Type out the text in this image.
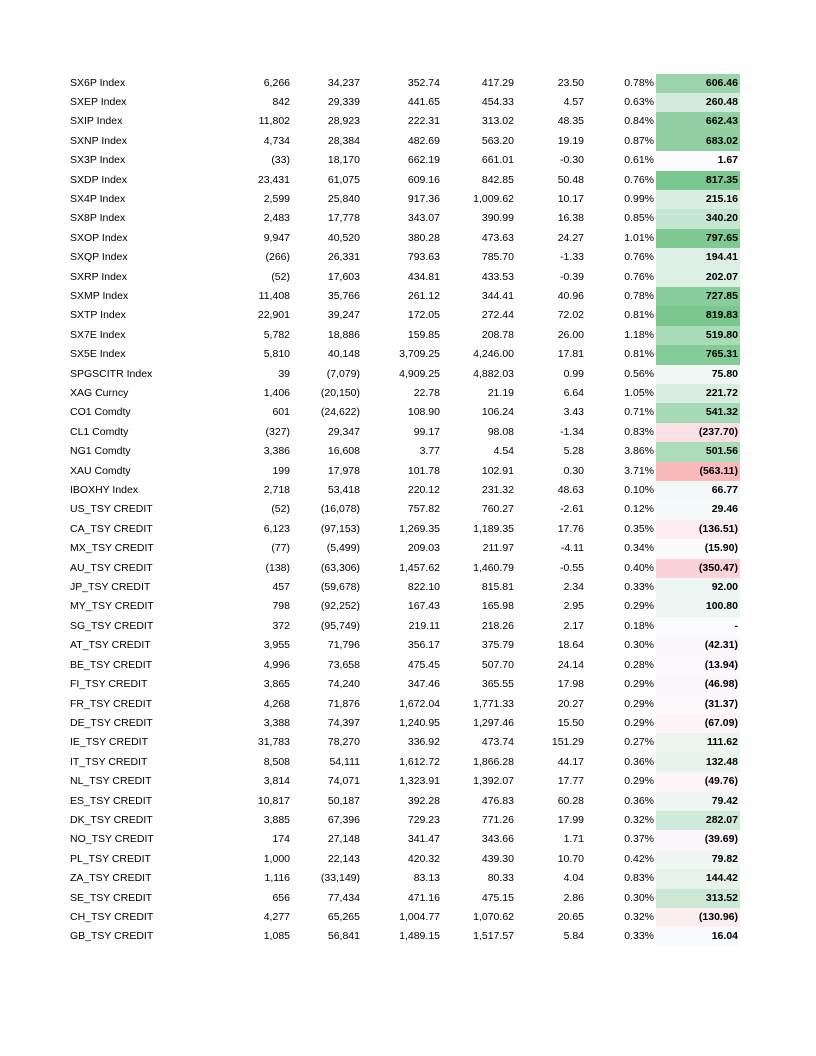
SX6P Index	6,266	34,237	352.74	417.29	23.50	0.78%	606.46
SXEP Index	842	29,339	441.65	454.33	4.57	0.63%	260.48
SXIP Index	11,802	28,923	222.31	313.02	48.35	0.84%	662.43
SXNP Index	4,734	28,384	482.69	563.20	19.19	0.87%	683.02
SX3P Index	(33)	18,170	662.19	661.01	-0.30	0.61%	1.67
SXDP Index	23,431	61,075	609.16	842.85	50.48	0.76%	817.35
SX4P Index	2,599	25,840	917.36	1,009.62	10.17	0.99%	215.16
SX8P Index	2,483	17,778	343.07	390.99	16.38	0.85%	340.20
SXOP Index	9,947	40,520	380.28	473.63	24.27	1.01%	797.65
SXQP Index	(266)	26,331	793.63	785.70	-1.33	0.76%	194.41
SXRP Index	(52)	17,603	434.81	433.53	-0.39	0.76%	202.07
SXMP Index	11,408	35,766	261.12	344.41	40.96	0.78%	727.85
SXTP Index	22,901	39,247	172.05	272.44	72.02	0.81%	819.83
SX7E Index	5,782	18,886	159.85	208.78	26.00	1.18%	519.80
SX5E Index	5,810	40,148	3,709.25	4,246.00	17.81	0.81%	765.31
SPGSCITR Index	39	(7,079)	4,909.25	4,882.03	0.99	0.56%	75.80
XAG Curncy	1,406	(20,150)	22.78	21.19	6.64	1.05%	221.72
CO1 Comdty	601	(24,622)	108.90	106.24	3.43	0.71%	541.32
CL1 Comdty	(327)	29,347	99.17	98.08	-1.34	0.83%	(237.70)
NG1 Comdty	3,386	16,608	3.77	4.54	5.28	3.86%	501.56
XAU Comdty	199	17,978	101.78	102.91	0.30	3.71%	(563.11)
IBOXHY Index	2,718	53,418	220.12	231.32	48.63	0.10%	66.77
US_TSY CREDIT	(52)	(16,078)	757.82	760.27	-2.61	0.12%	29.46
CA_TSY CREDIT	6,123	(97,153)	1,269.35	1,189.35	17.76	0.35%	(136.51)
MX_TSY CREDIT	(77)	(5,499)	209.03	211.97	-4.11	0.34%	(15.90)
AU_TSY CREDIT	(138)	(63,306)	1,457.62	1,460.79	-0.55	0.40%	(350.47)
JP_TSY CREDIT	457	(59,678)	822.10	815.81	2.34	0.33%	92.00
MY_TSY CREDIT	798	(92,252)	167.43	165.98	2.95	0.29%	100.80
SG_TSY CREDIT	372	(95,749)	219.11	218.26	2.17	0.18%	-
AT_TSY CREDIT	3,955	71,796	356.17	375.79	18.64	0.30%	(42.31)
BE_TSY CREDIT	4,996	73,658	475.45	507.70	24.14	0.28%	(13.94)
FI_TSY CREDIT	3,865	74,240	347.46	365.55	17.98	0.29%	(46.98)
FR_TSY CREDIT	4,268	71,876	1,672.04	1,771.33	20.27	0.29%	(31.37)
DE_TSY CREDIT	3,388	74,397	1,240.95	1,297.46	15.50	0.29%	(67.09)
IE_TSY CREDIT	31,783	78,270	336.92	473.74	151.29	0.27%	111.62
IT_TSY CREDIT	8,508	54,111	1,612.72	1,866.28	44.17	0.36%	132.48
NL_TSY CREDIT	3,814	74,071	1,323.91	1,392.07	17.77	0.29%	(49.76)
ES_TSY CREDIT	10,817	50,187	392.28	476.83	60.28	0.36%	79.42
DK_TSY CREDIT	3,885	67,396	729.23	771.26	17.99	0.32%	282.07
NO_TSY CREDIT	174	27,148	341.47	343.66	1.71	0.37%	(39.69)
PL_TSY CREDIT	1,000	22,143	420.32	439.30	10.70	0.42%	79.82
ZA_TSY CREDIT	1,116	(33,149)	83.13	80.33	4.04	0.83%	144.42
SE_TSY CREDIT	656	77,434	471.16	475.15	2.86	0.30%	313.52
CH_TSY CREDIT	4,277	65,265	1,004.77	1,070.62	20.65	0.32%	(130.96)
GB_TSY CREDIT	1,085	56,841	1,489.15	1,517.57	5.84	0.33%	16.04
